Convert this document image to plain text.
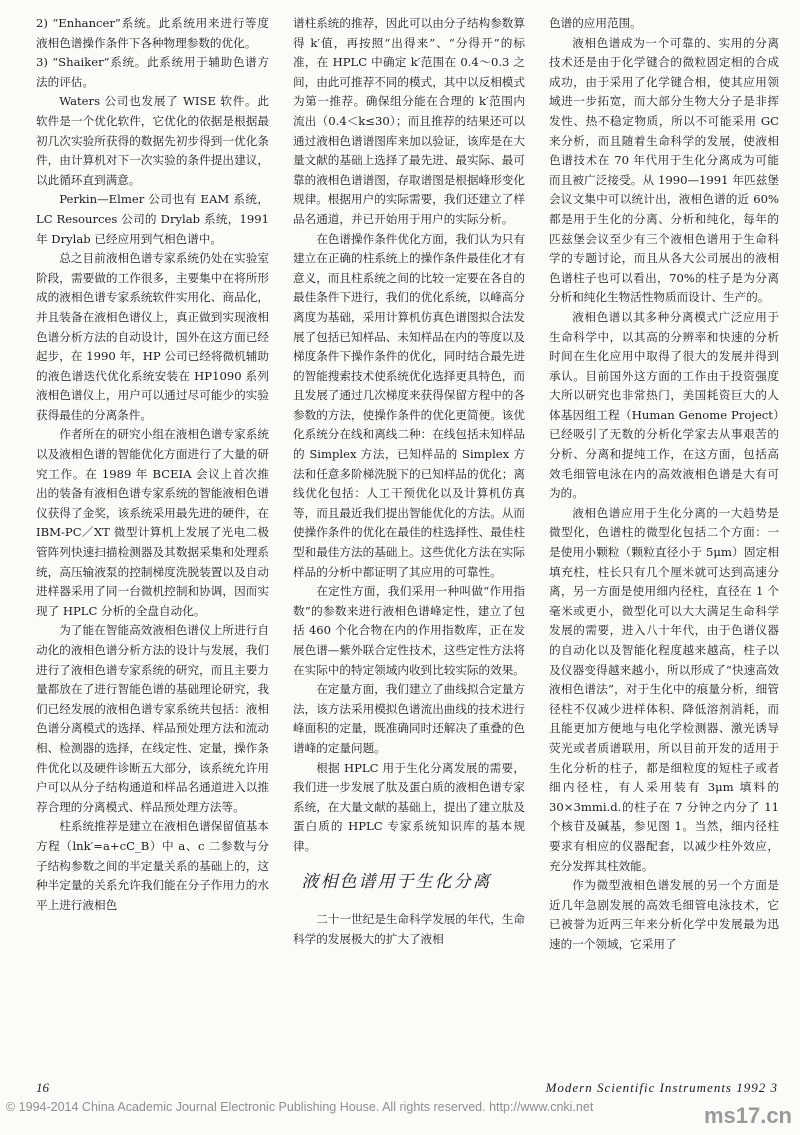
2) “Enhancer”系统。此系统用来进行等度液相色谱操作条件下各种物理参数的优化。

3) “Shaiker”系统。此系统用于辅助色谱方法的评估。

Waters 公司也发展了 WISE 软件。此软件是一个优化软件，它优化的依据是根据最初几次实验所获得的数据先初步得到一优化条件，由计算机对下一次实验的条件提出建议，以此循环直到满意。

Perkin—Elmer 公司也有 EAM 系统，LC Resources 公司的 Drylab 系统，1991 年 Drylab 已经应用到气相色谱中。

总之目前液相色谱专家系统仍处在实验室阶段，需要做的工作很多，主要集中在将所形成的液相色谱专家系统软件实用化、商品化，并且装备在液相色谱仪上，真正做到实现液相色谱分析方法的自动设计，国外在这方面已经起步，在 1990 年，HP 公司已经将微机辅助的液色谱迭代优化系统安装在 HP1090 系列液相色谱仪上，用户可以通过尽可能少的实验获得最佳的分离条件。

作者所在的研究小组在液相色谱专家系统以及液相色谱的智能优化方面进行了大量的研究工作。在 1989 年 BCEIA 会议上首次推出的装备有液相色谱专家系统的智能液相色谱仪获得了金奖，该系统采用最先进的硬件，在 IBM-PC／XT 微型计算机上发展了光电二极管阵列快速扫描检测器及其数据采集和处理系统，高压输液泵的控制梯度洗脱装置以及自动进样器采用了同一台微机控制和协调，因而实现了 HPLC 分析的全盘自动化。

为了能在智能高效液相色谱仪上所进行自动化的液相色谱分析方法的设计与发展，我们进行了液相色谱专家系统的研究，而且主要力量都放在了进行智能色谱的基础理论研究，我们已经发展的液相色谱专家系统共包括：液相色谱分离模式的选择、样品预处理方法和流动相、检测器的选择，在线定性、定量，操作条件优化以及硬件诊断五大部分，该系统允许用户可以从分子结构通道和样品名通道进入以推荐合理的分离模式、样品预处理方法等。

柱系统推荐是建立在液相色谱保留值基本方程（lnk′=a+cC_B）中 a、c 二参数与分子结构参数之间的半定量关系的基础上的，这种半定量的关系允许我们能在分子作用力的水平上进行液相色

谱柱系统的推荐，因此可以由分子结构参数算得 k′值，再按照“出得来”、“分得开”的标准，在 HPLC 中确定 k′范围在 0.4～0.3 之间，由此可推荐不同的模式，其中以反相模式为第一推荐。确保组分能在合理的 k′范围内流出（0.4＜k≤30）；而且推荐的结果还可以通过液相色谱谱图库来加以验证，该库是在大量文献的基础上选择了最先进、最实际、最可靠的液相色谱谱图，存取谱图是根据峰形变化规律。根据用户的实际需要，我们还建立了样品名通道，并已开始用于用户的实际分析。

在色谱操作条件优化方面，我们认为只有建立在正确的柱系统上的操作条件最佳化才有意义，而且柱系统之间的比较一定要在各自的最佳条件下进行，我们的优化系统，以峰高分离度为基础，采用计算机仿真色谱图拟合法发展了包括已知样品、未知样品在内的等度以及梯度条件下操作条件的优化，同时结合最先进的智能搜索技术使系统优化选择更具特色，而且发展了通过几次梯度来获得保留方程中的各参数的方法，使操作条件的优化更简便。该优化系统分在线和离线二种：在线包括未知样品的 Simplex 方法，已知样品的 Simplex 方法和任意多阶梯洗脱下的已知样品的优化；离线优化包括：人工干预优化以及计算机仿真等，而且最近我们提出智能优化的方法。从而使操作条件的优化在最佳的柱选择性、最佳柱型和最佳方法的基础上。这些优化方法在实际样品的分析中都证明了其应用的可靠性。

在定性方面，我们采用一种叫做“作用指数”的参数来进行液相色谱峰定性，建立了包括 460 个化合物在内的作用指数库，正在发展色谱—紫外联合定性技术，这些定性方法将在实际中的特定领域内收到比较实际的效果。

在定量方面，我们建立了曲线拟合定量方法，该方法采用模拟色谱流出曲线的技术进行峰面积的定量，既准确同时还解决了重叠的色谱峰的定量问题。

根据 HPLC 用于生化分离发展的需要，我们进一步发展了肽及蛋白质的液相色谱专家系统，在大量文献的基础上，提出了建立肽及蛋白质的 HPLC 专家系统知识库的基本规律。

液相色谱用于生化分离

二十一世纪是生命科学发展的年代，生命科学的发展极大的扩大了液相

色谱的应用范围。

液相色谱成为一个可靠的、实用的分离技术还是由于化学键合的微粒固定相的合成成功，由于采用了化学键合相，使其应用领域进一步拓宽，而大部分生物大分子是非挥发性、热不稳定物质，所以不可能采用 GC 来分析，而且随着生命科学的发展，使液相色谱技术在 70 年代用于生化分离成为可能而且被广泛接受。从 1990—1991 年匹兹堡会议文集中可以统计出，液相色谱的近 60%都是用于生化的分离、分析和纯化，每年的匹兹堡会议至少有三个液相色谱用于生命科学的专题讨论，而且从各大公司展出的液相色谱柱子也可以看出，70%的柱子是为分离分析和纯化生物活性物质而设计、生产的。

液相色谱以其多种分离模式广泛应用于生命科学中，以其高的分辨率和快速的分析时间在生化应用中取得了很大的发展并得到承认。目前国外这方面的工作由于投资强度大所以研究也非常热门，美国耗资巨大的人体基因组工程（Human Genome Project）已经吸引了无数的分析化学家去从事艰苦的分析、分离和提纯工作，在这方面，包括高效毛细管电泳在内的高效液相色谱是大有可为的。

液相色谱应用于生化分离的一大趋势是微型化，色谱柱的微型化包括二个方面：一是使用小颗粒（颗粒直径小于 5μm）固定相填充柱，柱长只有几个厘米就可达到高速分离，另一方面是使用细内径柱，直径在 1 个毫米或更小，微型化可以大大满足生命科学发展的需要，进入八十年代，由于色谱仪器的自动化以及智能化程度越来越高，柱子以及仪器变得越来越小，所以形成了“快速高效液相色谱法”，对于生化中的痕量分析，细管径柱不仅减少进样体积、降低溶剂消耗，而且能更加方便地与电化学检测器、激光诱导荧光或者质谱联用，所以目前开发的适用于生化分析的柱子，都是细粒度的短柱子或者细内径柱，有人采用装有 3μm 填料的 30×3mmi.d.的柱子在 7 分钟之内分了 11 个核苷及碱基，参见图 1。当然，细内径柱要求有相应的仪器配套，以减少柱外效应，充分发挥其柱效能。

作为微型液相色谱发展的另一个方面是近几年急剧发展的高效毛细管电泳技术，它已被誉为近两三年来分析化学中发展最为迅速的一个领域，它采用了

16	Modern Scientific Instruments 1992 3
© 1994-2014 China Academic Journal Electronic Publishing House. All rights reserved. http://www.cnki.net	ms17.cn
